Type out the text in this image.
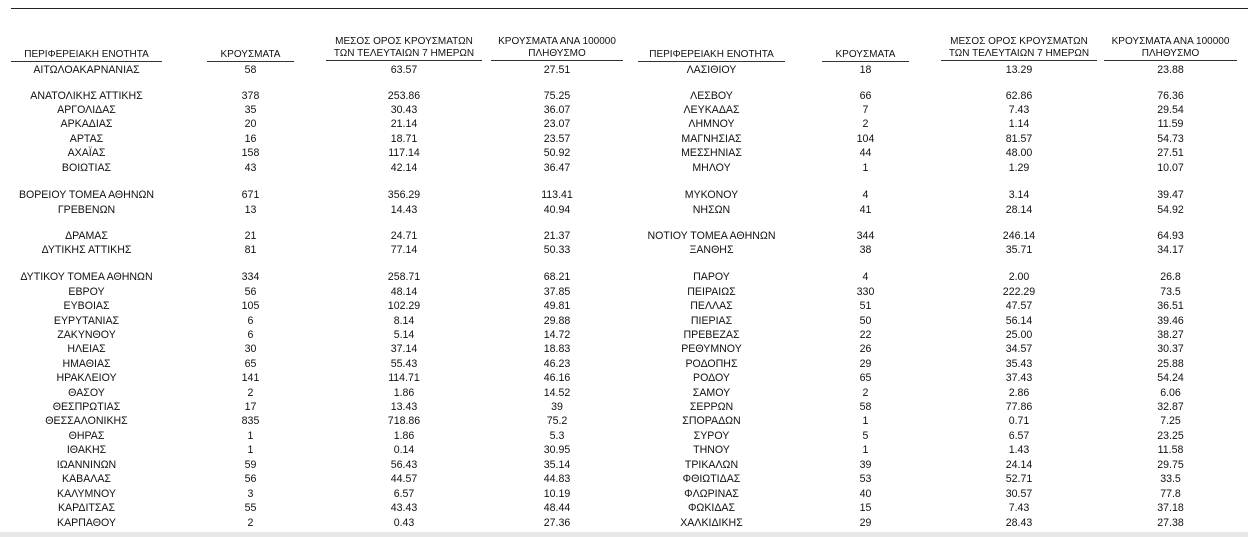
ΠΕΡΙΦΕΡΕΙΑΚΗ ΕΝΟΤΗΤΑ	ΚΡΟΥΣΜΑΤΑ
ΜΕΣΟΣ ΟΡΟΣ ΚΡΟΥΣΜΑΤΩΝ
ΤΩΝ ΤΕΛΕΥΤΑΙΩΝ 7 ΗΜΕΡΩΝ
ΚΡΟΥΣΜΑΤΑ ΑΝΑ 100000
ΠΛΗΘΥΣΜΟ	ΠΕΡΙΦΕΡΕΙΑΚΗ ΕΝΟΤΗΤΑ	ΚΡΟΥΣΜΑΤΑ
ΜΕΣΟΣ ΟΡΟΣ ΚΡΟΥΣΜΑΤΩΝ
ΤΩΝ ΤΕΛΕΥΤΑΙΩΝ 7 ΗΜΕΡΩΝ
ΚΡΟΥΣΜΑΤΑ ΑΝΑ 100000
ΠΛΗΘΥΣΜΟ
ΑΙΤΩΛΟΑΚΑΡΝΑΝΙΑΣ	58	63.57	27.51
ΑΝΑΤΟΛΙΚΗΣ ΑΤΤΙΚΗΣ	378	253.86	75.25
ΑΡΓΟΛΙΔΑΣ	35	30.43	36.07
ΑΡΚΑΔΙΑΣ	20	21.14	23.07
ΑΡΤΑΣ	16	18.71	23.57
ΑΧΑΪΑΣ	158	117.14	50.92
ΒΟΙΩΤΙΑΣ	43	42.14	36.47
ΒΟΡΕΙΟΥ ΤΟΜΕΑ ΑΘΗΝΩΝ	671	356.29	113.41
ΓΡΕΒΕΝΩΝ	13	14.43	40.94
ΔΡΑΜΑΣ	21	24.71	21.37
ΔΥΤΙΚΗΣ ΑΤΤΙΚΗΣ	81	77.14	50.33
ΔΥΤΙΚΟΥ ΤΟΜΕΑ ΑΘΗΝΩΝ	334	258.71	68.21
ΕΒΡΟΥ	56	48.14	37.85
ΕΥΒΟΙΑΣ	105	102.29	49.81
ΕΥΡΥΤΑΝΙΑΣ	6	8.14	29.88
ΖΑΚΥΝΘΟΥ	6	5.14	14.72
ΗΛΕΙΑΣ	30	37.14	18.83
ΗΜΑΘΙΑΣ	65	55.43	46.23
ΗΡΑΚΛΕΙΟΥ	141	114.71	46.16
ΘΑΣΟΥ	2	1.86	14.52
ΘΕΣΠΡΩΤΙΑΣ	17	13.43	39
ΘΕΣΣΑΛΟΝΙΚΗΣ	835	718.86	75.2
ΘΗΡΑΣ	1	1.86	5.3
ΙΘΑΚΗΣ	1	0.14	30.95
ΙΩΑΝΝΙΝΩΝ	59	56.43	35.14
ΚΑΒΑΛΑΣ	56	44.57	44.83
ΚΑΛΥΜΝΟΥ	3	6.57	10.19
ΚΑΡΔΙΤΣΑΣ	55	43.43	48.44
ΚΑΡΠΑΘΟΥ	2	0.43	27.36
ΛΑΣΙΘΙΟΥ	18	13.29	23.88
ΛΕΣΒΟΥ	66	62.86	76.36
ΛΕΥΚΑΔΑΣ	7	7.43	29.54
ΛΗΜΝΟΥ	2	1.14	11.59
ΜΑΓΝΗΣΙΑΣ	104	81.57	54.73
ΜΕΣΣΗΝΙΑΣ	44	48.00	27.51
ΜΗΛΟΥ	1	1.29	10.07
ΜΥΚΟΝΟΥ	4	3.14	39.47
ΝΗΣΩΝ	41	28.14	54.92
ΝΟΤΙΟΥ ΤΟΜΕΑ ΑΘΗΝΩΝ	344	246.14	64.93
ΞΑΝΘΗΣ	38	35.71	34.17
ΠΑΡΟΥ	4	2.00	26.8
ΠΕΙΡΑΙΩΣ	330	222.29	73.5
ΠΕΛΛΑΣ	51	47.57	36.51
ΠΙΕΡΙΑΣ	50	56.14	39.46
ΠΡΕΒΕΖΑΣ	22	25.00	38.27
ΡΕΘΥΜΝΟΥ	26	34.57	30.37
ΡΟΔΟΠΗΣ	29	35.43	25.88
ΡΟΔΟΥ	65	37.43	54.24
ΣΑΜΟΥ	2	2.86	6.06
ΣΕΡΡΩΝ	58	77.86	32.87
ΣΠΟΡΑΔΩΝ	1	0.71	7.25
ΣΥΡΟΥ	5	6.57	23.25
ΤΗΝΟΥ	1	1.43	11.58
ΤΡΙΚΑΛΩΝ	39	24.14	29.75
ΦΘΙΩΤΙΔΑΣ	53	52.71	33.5
ΦΛΩΡΙΝΑΣ	40	30.57	77.8
ΦΩΚΙΔΑΣ	15	7.43	37.18
ΧΑΛΚΙΔΙΚΗΣ	29	28.43	27.38
